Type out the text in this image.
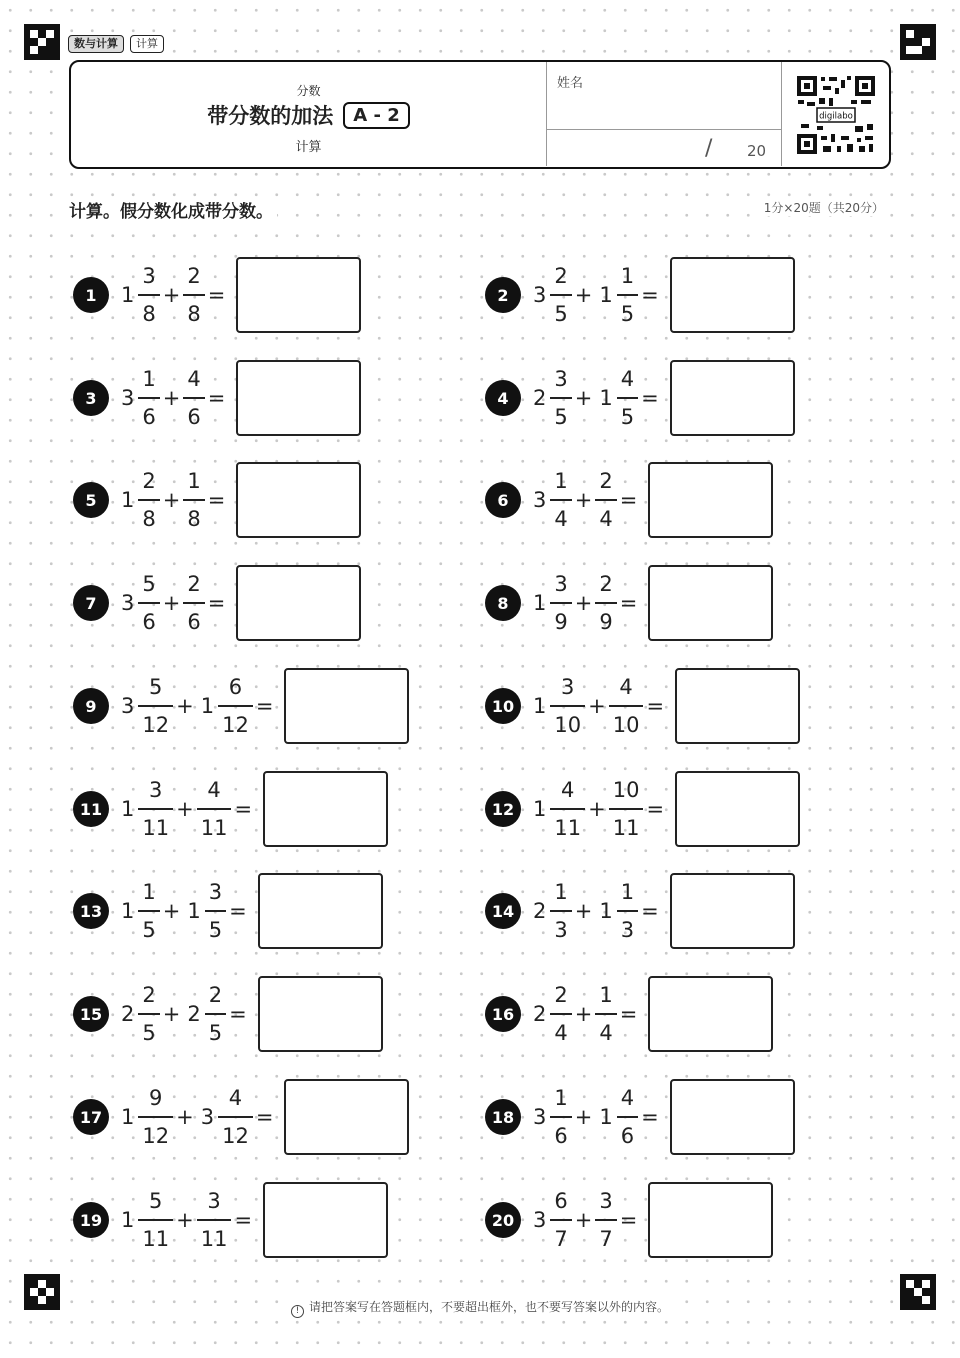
数与计算	计算
分数
带分数的加法	A - 2
计算
姓名
/ 20
digilabo
计算。假分数化成带分数。	1分×20题（共20分）
1	$1 \frac{3}{8} + \frac{2}{8}$ =	2	$3 \frac{2}{5} + 1 \frac{1}{5}$ =
3	$3 \frac{1}{6} + \frac{4}{6}$ =	4	$2 \frac{3}{5} + 1 \frac{4}{5}$ =
5	$1 \frac{2}{8} + \frac{1}{8}$ =	6	$3 \frac{1}{4} + \frac{2}{4}$ =
7	$3 \frac{5}{6} + \frac{2}{6}$ =	8	$1 \frac{3}{9} + \frac{2}{9}$ =
9	$3 \frac{5}{12} + 1 \frac{6}{12}$ =	10 $1 \frac{3}{10} + \frac{4}{10}$ =
11 $1 \frac{3}{11} + \frac{4}{11}$ =	12 $1 \frac{4}{11} + \frac{10}{11}$ =
13 $1 \frac{1}{5} + 1 \frac{3}{5}$ =	14 $2 \frac{1}{3} + 1 \frac{1}{3}$ =
15 $2 \frac{2}{5} + 2 \frac{2}{5}$ =	16 $2 \frac{2}{4} + \frac{1}{4}$ =
17 $1 \frac{9}{12} + 3 \frac{4}{12}$ =	18 $3 \frac{1}{6} + 1 \frac{4}{6}$ =
19 $1 \frac{5}{11} + \frac{3}{11}$ =	20 $3 \frac{6}{7} + \frac{3}{7}$ =
! 请把答案写在答题框内，不要超出框外，也不要写答案以外的内容。
